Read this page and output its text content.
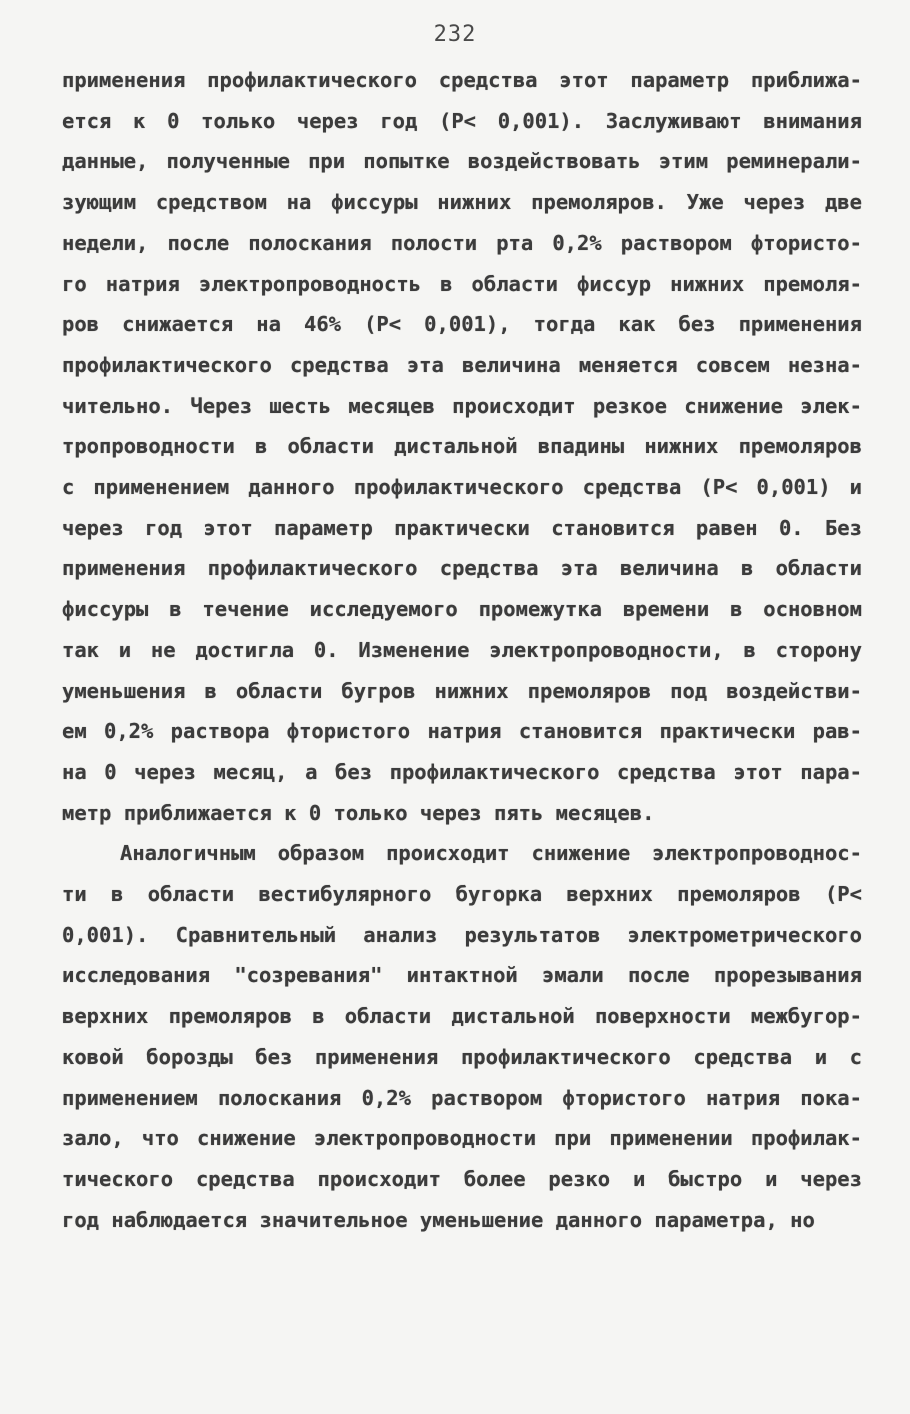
232
применения профилактического средства этот параметр приближа-
ется к 0 только через год (P< 0,001). Заслуживают внимания
данные, полученные при попытке воздействовать этим реминерали-
зующим средством на фиссуры нижних премоляров. Уже через две
недели, после полоскания полости рта 0,2% раствором фтористо-
го натрия электропроводность в области фиссур нижних премоля-
ров снижается на 46% (P< 0,001), тогда как без применения
профилактического средства эта величина меняется совсем незна-
чительно. Через шесть месяцев происходит резкое снижение элек-
тропроводности в области дистальной впадины нижних премоляров
с применением данного профилактического средства (P< 0,001) и
через год этот параметр практически становится равен 0. Без
применения профилактического средства эта величина в области
фиссуры в течение исследуемого промежутка времени в основном
так и не достигла 0. Изменение электропроводности, в сторону
уменьшения в области бугров нижних премоляров под воздействи-
ем 0,2% раствора фтористого натрия становится практически рав-
на 0 через месяц, а без профилактического средства этот пара-
метр приближается к 0 только через пять месяцев.
Аналогичным образом происходит снижение электропроводнос-
ти в области вестибулярного бугорка верхних премоляров (P<
0,001). Сравнительный анализ результатов электрометрического
исследования "созревания" интактной эмали после прорезывания
верхних премоляров в области дистальной поверхности межбугор-
ковой борозды без применения профилактического средства и с
применением полоскания 0,2% раствором фтористого натрия пока-
зало, что снижение электропроводности при применении профилак-
тического средства происходит более резко и быстро и через
год наблюдается значительное уменьшение данного параметра, но
